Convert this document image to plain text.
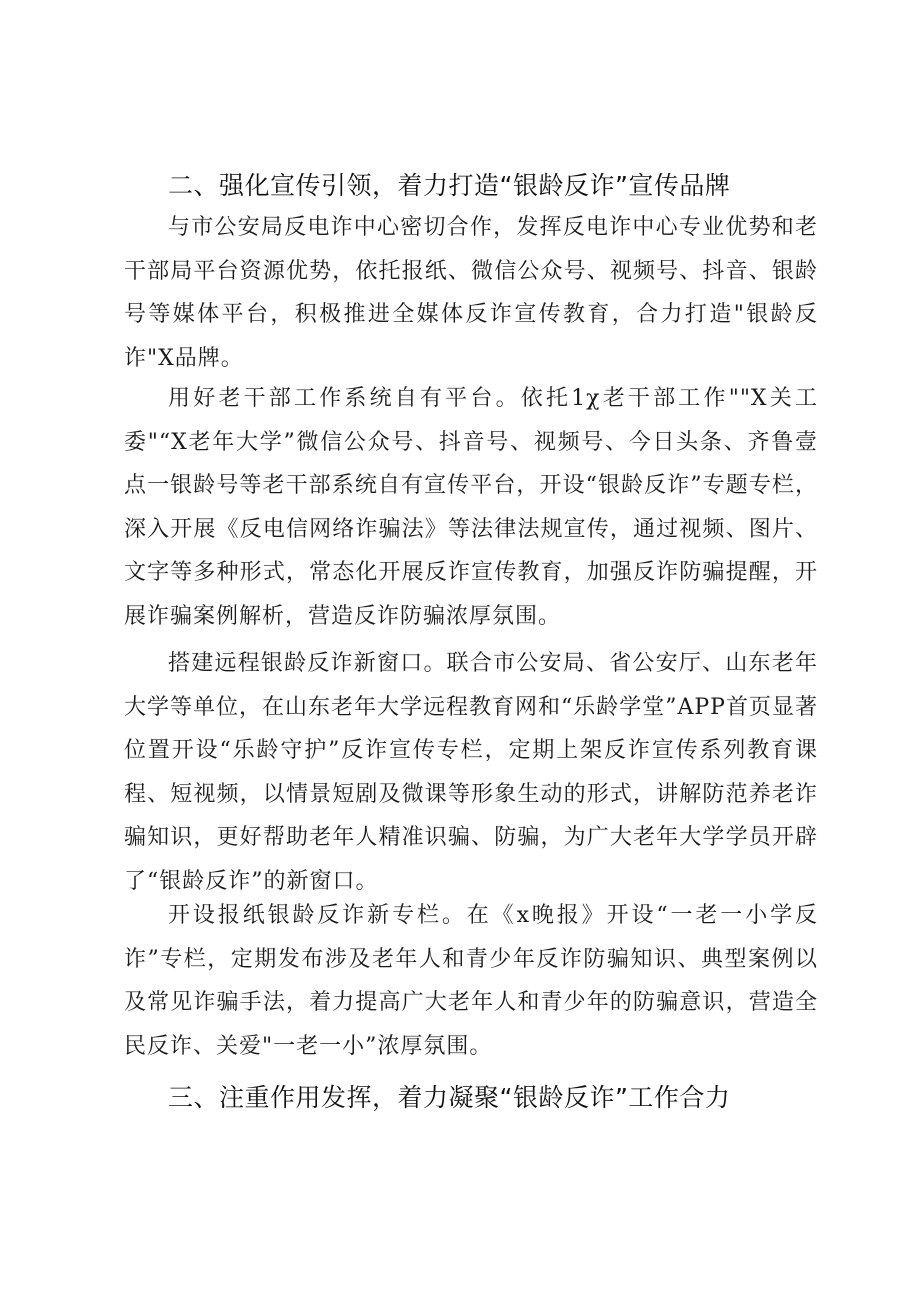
二、强化宣传引领，着力打造“银龄反诈”宣传品牌

与市公安局反电诈中心密切合作，发挥反电诈中心专业优势和老干部局平台资源优势，依托报纸、微信公众号、视频号、抖音、银龄号等媒体平台，积极推进全媒体反诈宣传教育，合力打造"银龄反诈"X品牌。

用好老干部工作系统自有平台。依托1χ老干部工作""X关工委"“X老年大学”微信公众号、抖音号、视频号、今日头条、齐鲁壹点一银龄号等老干部系统自有宣传平台，开设“银龄反诈”专题专栏，深入开展《反电信网络诈骗法》等法律法规宣传，通过视频、图片、文字等多种形式，常态化开展反诈宣传教育，加强反诈防骗提醒，开展诈骗案例解析，营造反诈防骗浓厚氛围。

搭建远程银龄反诈新窗口。联合市公安局、省公安厅、山东老年大学等单位，在山东老年大学远程教育网和“乐龄学堂”APP首页显著位置开设“乐龄守护”反诈宣传专栏，定期上架反诈宣传系列教育课程、短视频，以情景短剧及微课等形象生动的形式，讲解防范养老诈骗知识，更好帮助老年人精准识骗、防骗，为广大老年大学学员开辟了“银龄反诈”的新窗口。

开设报纸银龄反诈新专栏。在《x晚报》开设“一老一小学反诈”专栏，定期发布涉及老年人和青少年反诈防骗知识、典型案例以及常见诈骗手法，着力提高广大老年人和青少年的防骗意识，营造全民反诈、关爱"一老一小”浓厚氛围。

三、注重作用发挥，着力凝聚“银龄反诈”工作合力
